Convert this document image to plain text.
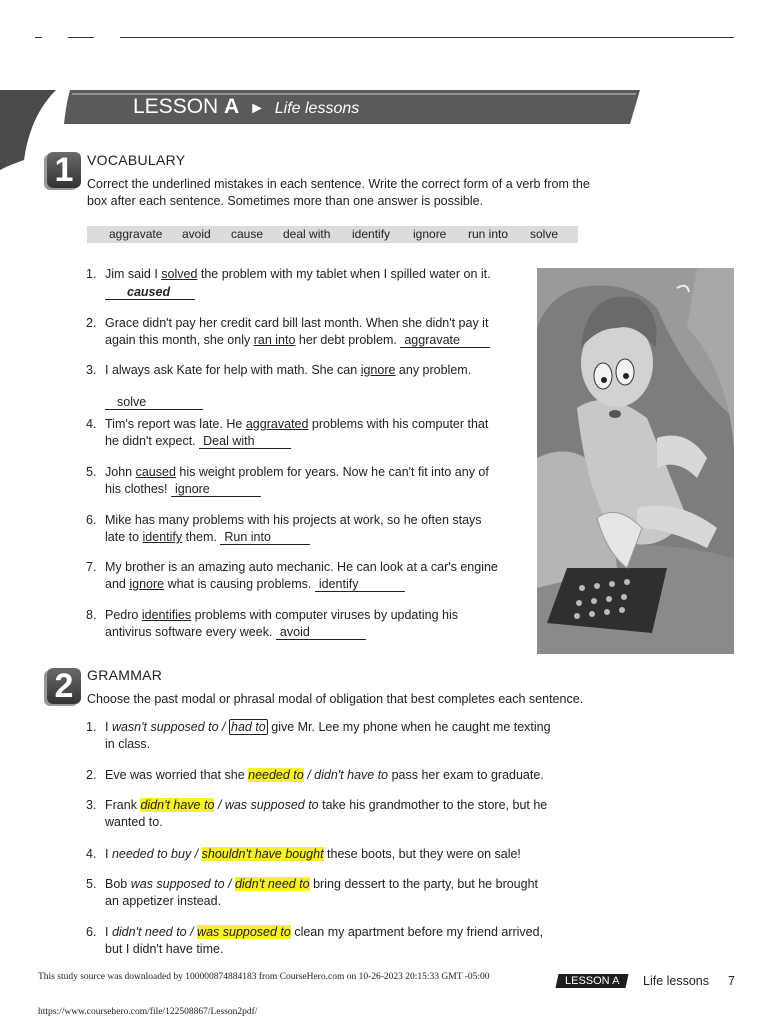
LESSON A ► Life lessons
1 VOCABULARY
Correct the underlined mistakes in each sentence. Write the correct form of a verb from the
box after each sentence. Sometimes more than one answer is possible.
aggravate avoid cause deal with identify ignore run into solve
1. Jim said I solved the problem with my tablet when I spilled water on it.
caused
2. Grace didn't pay her credit card bill last month. When she didn't pay it
again this month, she only ran into her debt problem. aggravate
3. I always ask Kate for help with math. She can ignore any problem.
solve
4. Tim's report was late. He aggravated problems with his computer that
he didn't expect. Deal with
5. John caused his weight problem for years. Now he can't fit into any of
his clothes! ignore
6. Mike has many problems with his projects at work, so he often stays
late to identify them. Run into
7. My brother is an amazing auto mechanic. He can look at a car's engine
and ignore what is causing problems. identify
8. Pedro identifies problems with computer viruses by updating his
antivirus software every week. avoid
2 GRAMMAR
Choose the past modal or phrasal modal of obligation that best completes each sentence.
1. I wasn't supposed to / had to give Mr. Lee my phone when he caught me texting
in class.
2. Eve was worried that she needed to / didn't have to pass her exam to graduate.
3. Frank didn't have to / was supposed to take his grandmother to the store, but he
wanted to.
4. I needed to buy / shouldn't have bought these boots, but they were on sale!
5. Bob was supposed to / didn't need to bring dessert to the party, but he brought
an appetizer instead.
6. I didn't need to / was supposed to clean my apartment before my friend arrived,
but I didn't have time.
This study source was downloaded by 100000874884183 from CourseHero.com on 10-26-2023 20:15:33 GMT -05:00	LESSON A	Life lessons 7
https://www.coursehero.com/file/122508867/Lesson2pdf/
